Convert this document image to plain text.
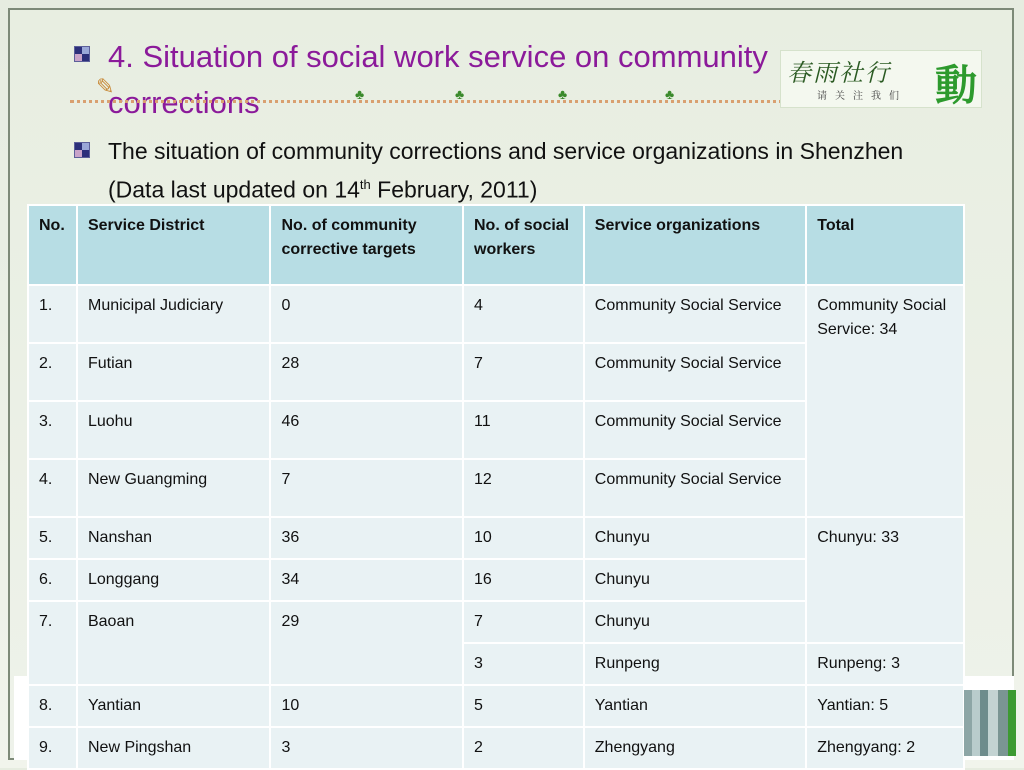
4. Situation of social work service on community corrections
✎	♣	♣	♣	♣
春雨社行 動
请关注我们
The situation of community corrections and service organizations in Shenzhen (Data last updated on 14th February, 2011)
No.	Service District	No. of community corrective targets	No. of social workers	Service organizations	Total
1.	Municipal Judiciary	0	4	Community Social Service	Community Social Service: 34
2.	Futian	28	7	Community Social Service	
3.	Luohu	46	11	Community Social Service	
4.	New Guangming	7	12	Community Social Service	
5.	Nanshan	36	10	Chunyu	Chunyu: 33
6.	Longgang	34	16	Chunyu	
7.	Baoan	29	7	Chunyu	
			3	Runpeng	Runpeng: 3
8.	Yantian	10	5	Yantian	Yantian: 5
9.	New Pingshan	3	2	Zhengyang	Zhengyang: 2
